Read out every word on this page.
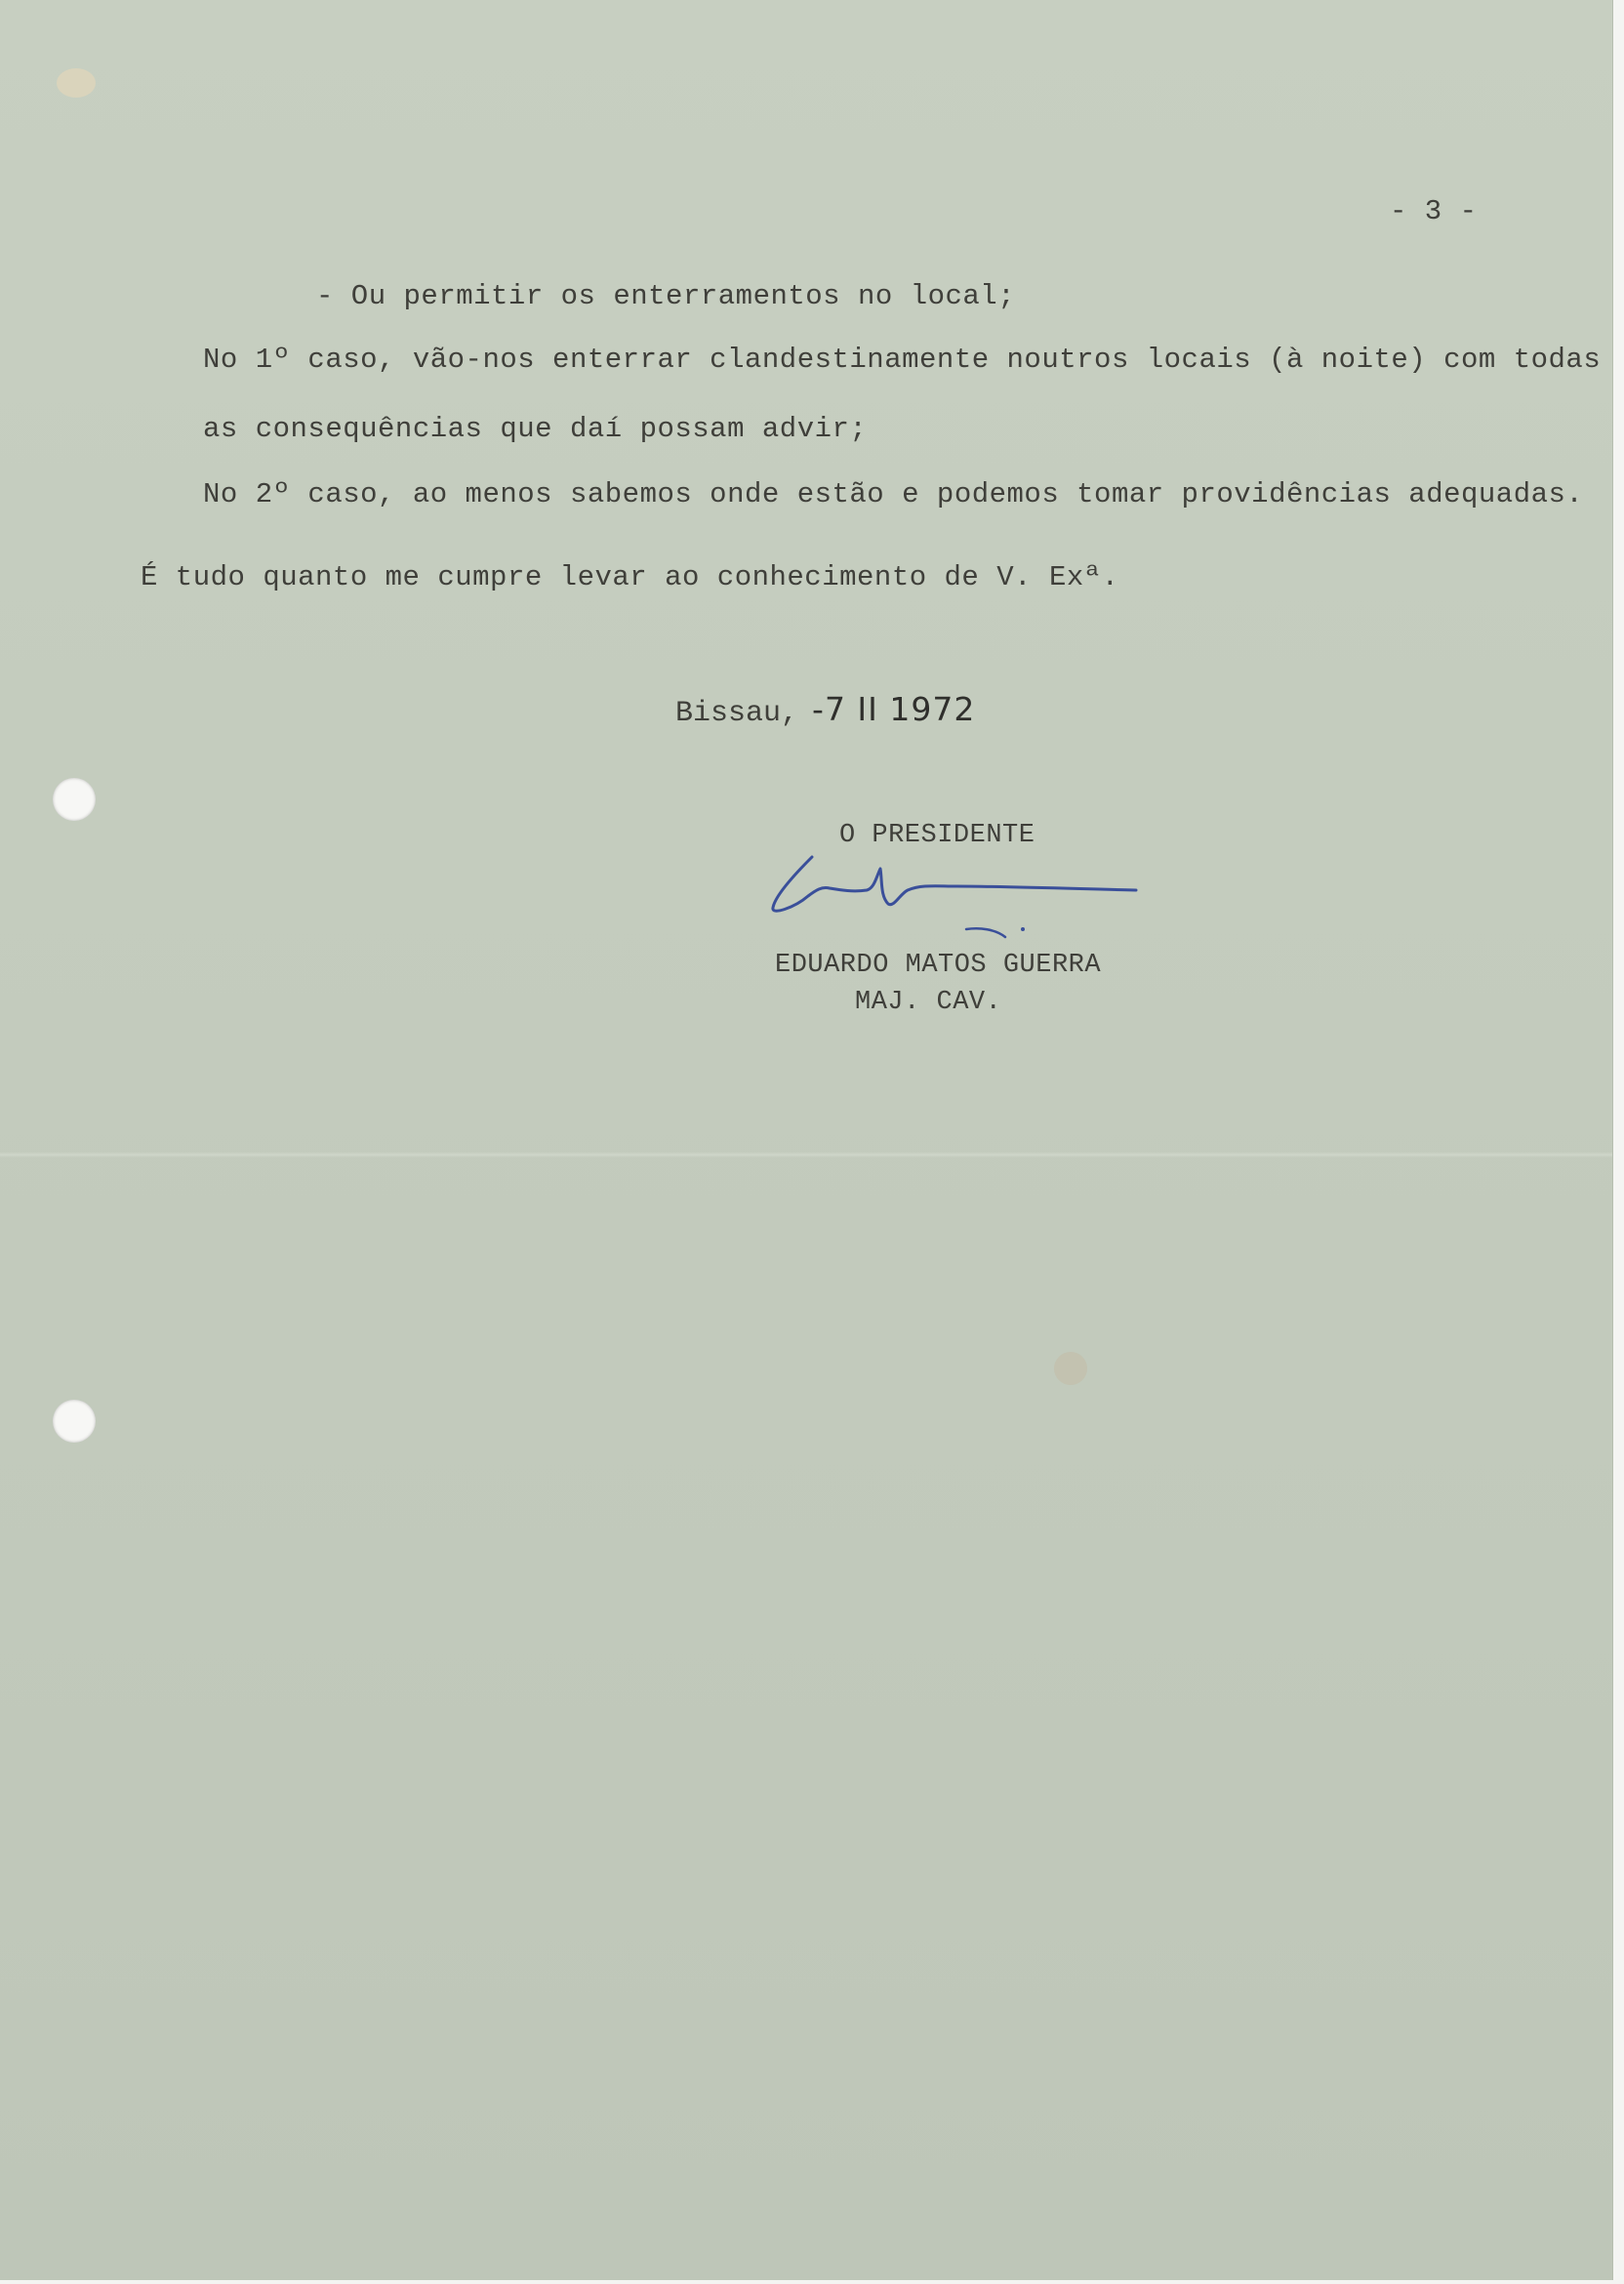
- 3 -
- Ou permitir os enterramentos no local;
No 1º caso, vão-nos enterrar clandestinamente noutros locais (à noite) com todas
as consequências que daí possam advir;
No 2º caso, ao menos sabemos onde estão e podemos tomar providências adequadas.
É tudo quanto me cumpre levar ao conhecimento de V. Exª.
Bissau, -7 II 1972
O PRESIDENTE
EDUARDO MATOS GUERRA
MAJ. CAV.
